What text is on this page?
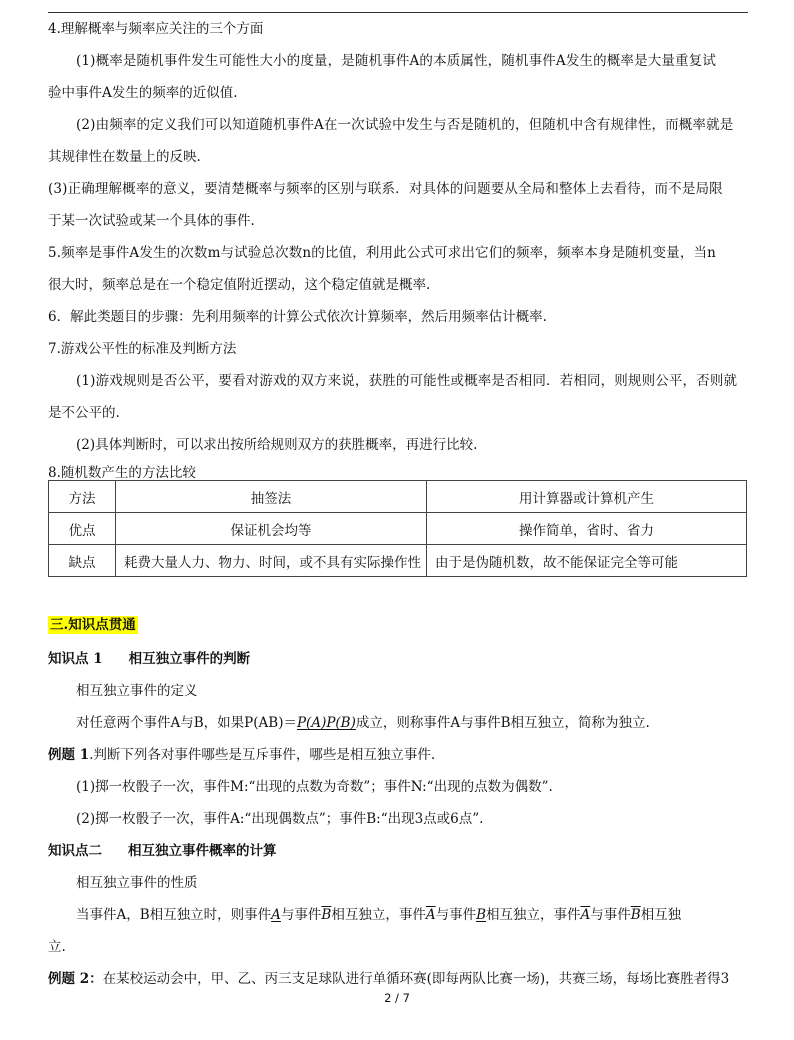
4.理解概率与频率应关注的三个方面
(1)概率是随机事件发生可能性大小的度量，是随机事件A的本质属性，随机事件A发生的概率是大量重复试
验中事件A发生的频率的近似值.
(2)由频率的定义我们可以知道随机事件A在一次试验中发生与否是随机的，但随机中含有规律性，而概率就是
其规律性在数量上的反映.
(3)正确理解概率的意义，要清楚概率与频率的区别与联系．对具体的问题要从全局和整体上去看待，而不是局限
于某一次试验或某一个具体的事件.
5.频率是事件A发生的次数m与试验总次数n的比值，利用此公式可求出它们的频率，频率本身是随机变量，当n
很大时，频率总是在一个稳定值附近摆动，这个稳定值就是概率.
6．解此类题目的步骤：先利用频率的计算公式依次计算频率，然后用频率估计概率.
7.游戏公平性的标准及判断方法
(1)游戏规则是否公平，要看对游戏的双方来说，获胜的可能性或概率是否相同．若相同，则规则公平，否则就
是不公平的.
(2)具体判断时，可以求出按所给规则双方的获胜概率，再进行比较.
8.随机数产生的方法比较
方法	抽签法	用计算器或计算机产生
优点	保证机会均等	操作简单，省时、省力
缺点	耗费大量人力、物力、时间，或不具有实际操作性	由于是伪随机数，故不能保证完全等可能
三.知识点贯通
知识点 1 相互独立事件的判断
相互独立事件的定义
对任意两个事件A与B，如果P(AB)＝P(A)P(B)成立，则称事件A与事件B相互独立，简称为独立.
例题 1.判断下列各对事件哪些是互斥事件，哪些是相互独立事件.
(1)掷一枚骰子一次，事件M:“出现的点数为奇数”；事件N:“出现的点数为偶数”.
(2)掷一枚骰子一次，事件A:“出现偶数点”；事件B:“出现3点或6点”.
知识点二 相互独立事件概率的计算
相互独立事件的性质
当事件A，B相互独立时，则事件A与事件$\overline{B}$相互独立，事件$\overline{A}$与事件B相互独立，事件$\overline{A}$与事件$\overline{B}$相互独
立.
例题 2：在某校运动会中，甲、乙、丙三支足球队进行单循环赛(即每两队比赛一场)，共赛三场，每场比赛胜者得3
2 / 7
